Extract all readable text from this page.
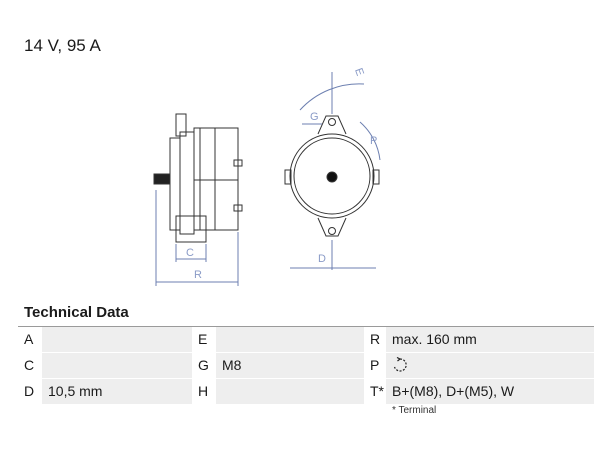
14 V, 95 A
C
R
E
G
P
D
Technical Data
A	E	R max. 160 mm
C	G M8	P
D 10,5 mm	H	T* B+(M8), D+(M5), W
* Terminal
